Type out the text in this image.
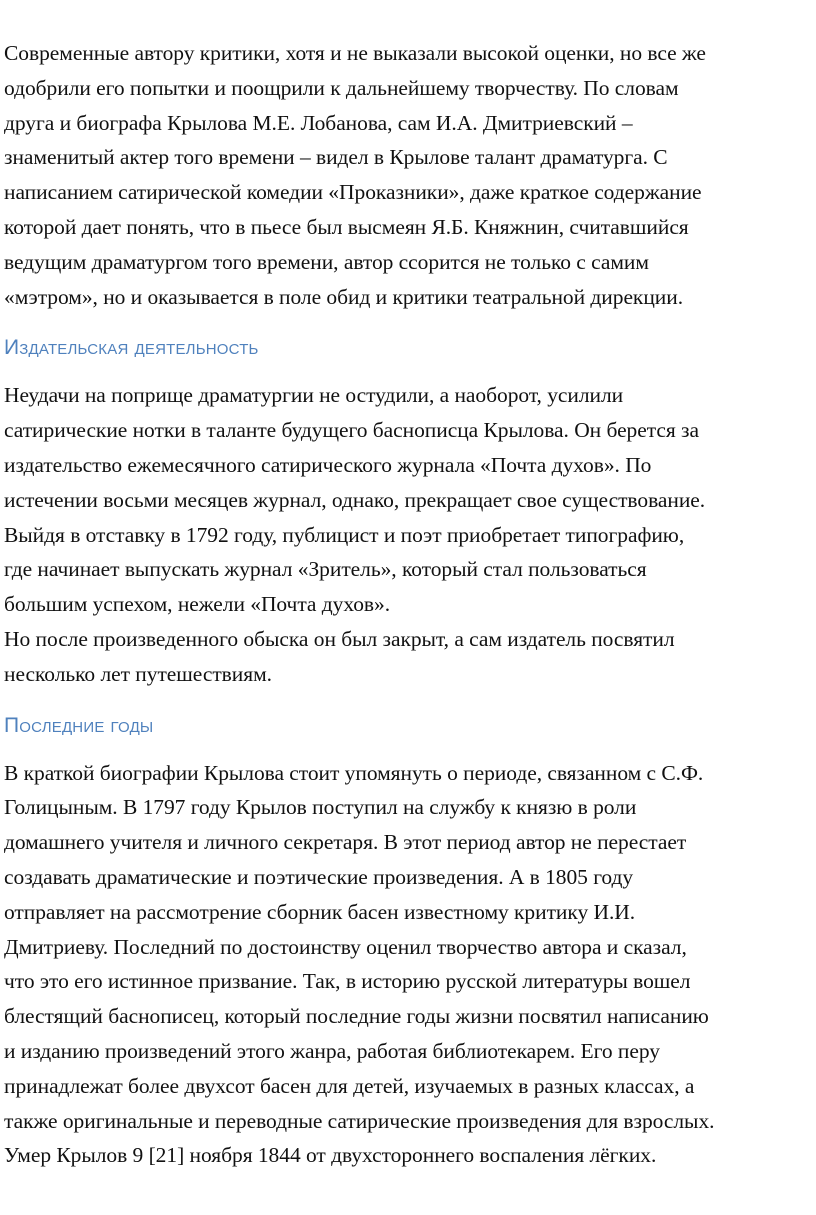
Современные автору критики, хотя и не выказали высокой оценки, но все же
одобрили его попытки и поощрили к дальнейшему творчеству. По словам
друга и биографа Крылова М.Е. Лобанова, сам И.А. Дмитриевский –
знаменитый актер того времени – видел в Крылове талант драматурга. С
написанием сатирической комедии «Проказники», даже краткое содержание
которой дает понять, что в пьесе был высмеян Я.Б. Княжнин, считавшийся
ведущим драматургом того времени, автор ссорится не только с самим
«мэтром», но и оказывается в поле обид и критики театральной дирекции.

Издательская деятельность

Неудачи на поприще драматургии не остудили, а наоборот, усилили
сатирические нотки в таланте будущего баснописца Крылова. Он берется за
издательство ежемесячного сатирического журнала «Почта духов». По
истечении восьми месяцев журнал, однако, прекращает свое существование.
Выйдя в отставку в 1792 году, публицист и поэт приобретает типографию,
где начинает выпускать журнал «Зритель», который стал пользоваться
большим успехом, нежели «Почта духов».
Но после произведенного обыска он был закрыт, а сам издатель посвятил
несколько лет путешествиям.

Последние годы

В краткой биографии Крылова стоит упомянуть о периоде, связанном с С.Ф.
Голицыным. В 1797 году Крылов поступил на службу к князю в роли
домашнего учителя и личного секретаря. В этот период автор не перестает
создавать драматические и поэтические произведения. А в 1805 году
отправляет на рассмотрение сборник басен известному критику И.И.
Дмитриеву. Последний по достоинству оценил творчество автора и сказал,
что это его истинное призвание. Так, в историю русской литературы вошел
блестящий баснописец, который последние годы жизни посвятил написанию
и изданию произведений этого жанра, работая библиотекарем. Его перу
принадлежат более двухсот басен для детей, изучаемых в разных классах, а
также оригинальные и переводные сатирические произведения для взрослых.
Умер Крылов 9 [21] ноября 1844 от двухстороннего воспаления лёгких.
